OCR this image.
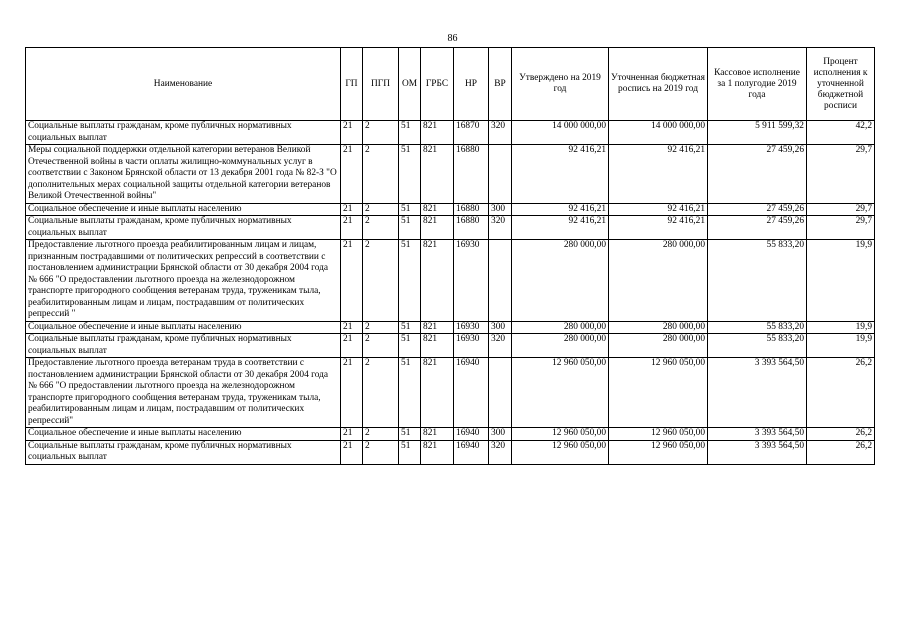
86
Наименование	ГП	ПГП	ОМ	ГРБС	НР	ВР	Утверждено на 2019 год	Уточненная бюджетная роспись на 2019 год	Кассовое исполнение за 1 полугодие 2019 года	Процент исполнения к уточненной бюджетной росписи
Социальные выплаты гражданам, кроме публичных нормативных социальных выплат	21	2	51	821	16870	320	14 000 000,00	14 000 000,00	5 911 599,32	42,2
Меры социальной поддержки отдельной категории ветеранов Великой Отечественной войны в части оплаты жилищно-коммунальных услуг в соответствии с Законом Брянской области от 13 декабря 2001 года № 82-З "О дополнительных мерах социальной защиты отдельной категории ветеранов Великой Отечественной войны"	21	2	51	821	16880		92 416,21	92 416,21	27 459,26	29,7
Социальное обеспечение и иные выплаты населению	21	2	51	821	16880	300	92 416,21	92 416,21	27 459,26	29,7
Социальные выплаты гражданам, кроме публичных нормативных социальных выплат	21	2	51	821	16880	320	92 416,21	92 416,21	27 459,26	29,7
Предоставление льготного проезда реабилитированным лицам и лицам, признанным пострадавшими от политических репрессий в соответствии с постановлением администрации Брянской области от 30 декабря 2004 года № 666 "О предоставлении льготного проезда на железнодорожном транспорте пригородного сообщения ветеранам труда, труженикам тыла, реабилитированным лицам и лицам, пострадавшим от политических репрессий "	21	2	51	821	16930		280 000,00	280 000,00	55 833,20	19,9
Социальное обеспечение и иные выплаты населению	21	2	51	821	16930	300	280 000,00	280 000,00	55 833,20	19,9
Социальные выплаты гражданам, кроме публичных нормативных социальных выплат	21	2	51	821	16930	320	280 000,00	280 000,00	55 833,20	19,9
Предоставление льготного проезда ветеранам труда в соответствии с постановлением администрации Брянской области от 30 декабря 2004 года № 666 "О предоставлении льготного проезда на железнодорожном транспорте пригородного сообщения ветеранам труда, труженикам тыла, реабилитированным лицам и лицам, пострадавшим от политических репрессий"	21	2	51	821	16940		12 960 050,00	12 960 050,00	3 393 564,50	26,2
Социальное обеспечение и иные выплаты населению	21	2	51	821	16940	300	12 960 050,00	12 960 050,00	3 393 564,50	26,2
Социальные выплаты гражданам, кроме публичных нормативных социальных выплат	21	2	51	821	16940	320	12 960 050,00	12 960 050,00	3 393 564,50	26,2
